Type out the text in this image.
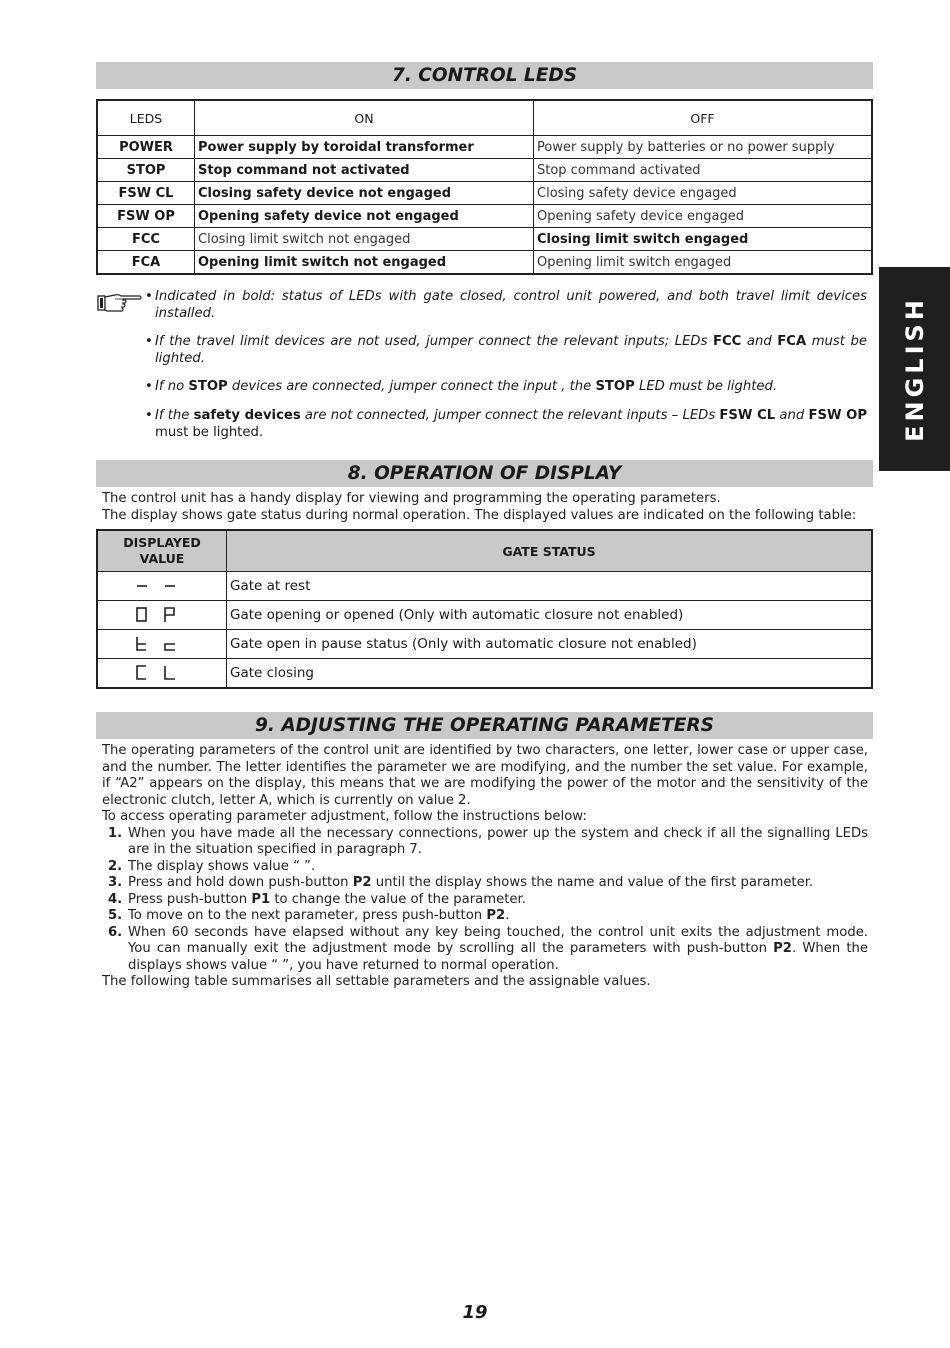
7. CONTROL LEDS
LEDS	ON	OFF
POWER	Power supply by toroidal transformer	Power supply by batteries or no power supply
STOP	Stop command not activated	Stop command activated
FSW CL	Closing safety device not engaged	Closing safety device engaged
FSW OP	Opening safety device not engaged	Opening safety device engaged
FCC	Closing limit switch not engaged	Closing limit switch engaged
FCA	Opening limit switch not engaged	Opening limit switch engaged
• Indicated in bold: status of LEDs with gate closed, control unit powered, and both travel limit devices installed.
• If the travel limit devices are not used, jumper connect the relevant inputs; LEDs FCC and FCA must be lighted.
• If no STOP devices are connected, jumper connect the input , the STOP LED must be lighted.
• If the safety devices are not connected, jumper connect the relevant inputs – LEDs FSW CL and FSW OP must be lighted.
8. OPERATION OF DISPLAY

The control unit has a handy display for viewing and programming the operating parameters.

The display shows gate status during normal operation. The displayed values are indicated on the following table:

DISPLAYED
VALUE	GATE STATUS
	Gate at rest
	Gate opening or opened (Only with automatic closure not enabled)
	Gate open in pause status (Only with automatic closure not enabled)
	Gate closing
9. ADJUSTING THE OPERATING PARAMETERS

The operating parameters of the control unit are identified by two characters, one letter, lower case or upper case, and the number. The letter identifies the parameter we are modifying, and the number the set value. For example, if “A2” appears on the display, this means that we are modifying the power of the motor and the sensitivity of the electronic clutch, letter A, which is currently on value 2.

To access operating parameter adjustment, follow the instructions below:

1. When you have made all the necessary connections, power up the system and check if all the signalling LEDs are in the situation specified in paragraph 7.
2. The display shows value “ ”.
3. Press and hold down push-button P2 until the display shows the name and value of the first parameter.
4. Press push-button P1 to change the value of the parameter.
5. To move on to the next parameter, press push-button P2.
6. When 60 seconds have elapsed without any key being touched, the control unit exits the adjustment mode. You can manually exit the adjustment mode by scrolling all the parameters with push-button P2. When the displays shows value “ ”, you have returned to normal operation.

The following table summarises all settable parameters and the assignable values.

ENGLISH
19
